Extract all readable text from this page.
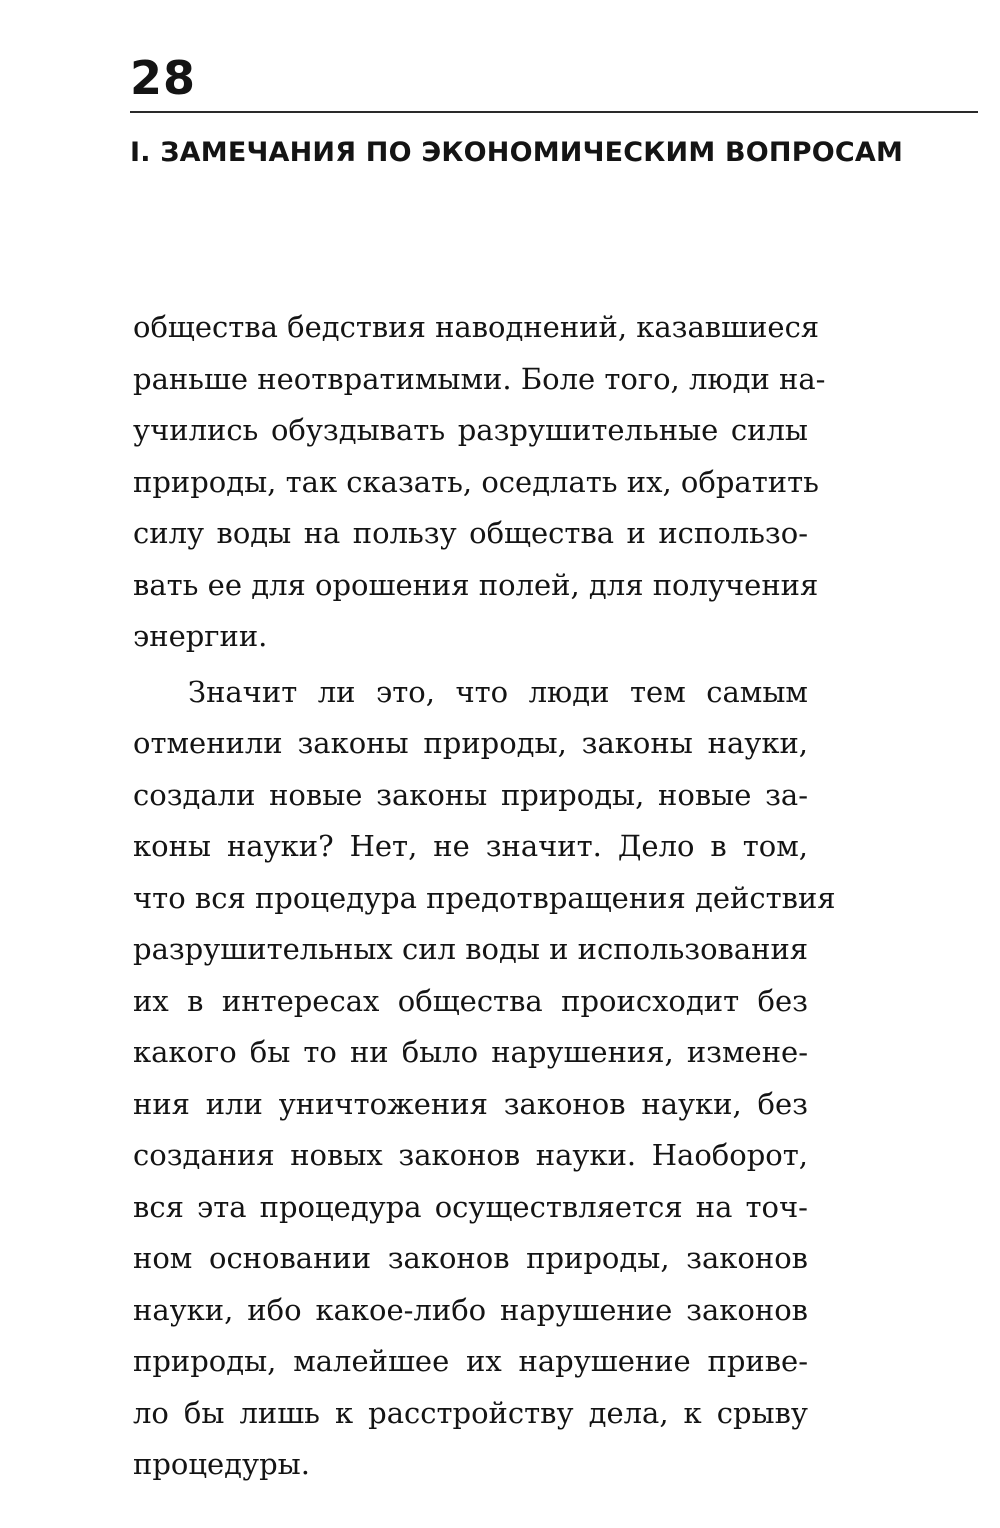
28
I. ЗАМЕЧАНИЯ ПО ЭКОНОМИЧЕСКИМ ВОПРОСАМ
общества бедствия наводнений, казавшиеся
раньше неотвратимыми. Боле того, люди на-
учились обуздывать разрушительные силы
природы, так сказать, оседлать их, обратить
силу воды на пользу общества и использо-
вать ее для орошения полей, для получения
энергии.
Значит ли это, что люди тем самым
отменили законы природы, законы науки,
создали новые законы природы, новые за-
коны науки? Нет, не значит. Дело в том,
что вся процедура предотвращения действия
разрушительных сил воды и использования
их в интересах общества происходит без
какого бы то ни было нарушения, измене-
ния или уничтожения законов науки, без
создания новых законов науки. Наоборот,
вся эта процедура осуществляется на точ-
ном основании законов природы, законов
науки, ибо какое-либо нарушение законов
природы, малейшее их нарушение приве-
ло бы лишь к расстройству дела, к срыву
процедуры.
